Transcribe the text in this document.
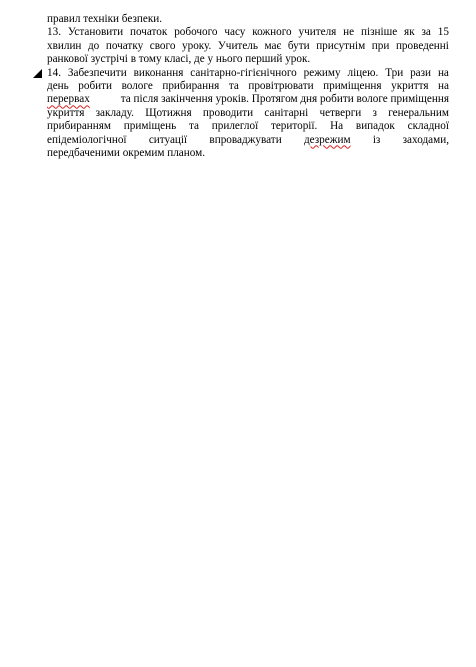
правил техніки безпеки.
13. Установити початок робочого часу кожного учителя не пізніше як за 15
хвилин до початку свого уроку. Учитель має бути присутнім при проведенні
ранкової зустрічі в тому класі, де у нього перший урок.
14. Забезпечити виконання санітарно-гігієнічного режиму ліцею. Три рази на
день робити вологе прибирання та провітрювати приміщення укриття на
перервах	та після закінчення уроків. Протягом дня робити вологе приміщення
укриття закладу. Щотижня проводити санітарні четверги з генеральним
прибиранням приміщень та прилеглої території. На випадок складної
епідеміологічної ситуації впроваджувати дезрежим із заходами,
передбаченими окремим планом.
